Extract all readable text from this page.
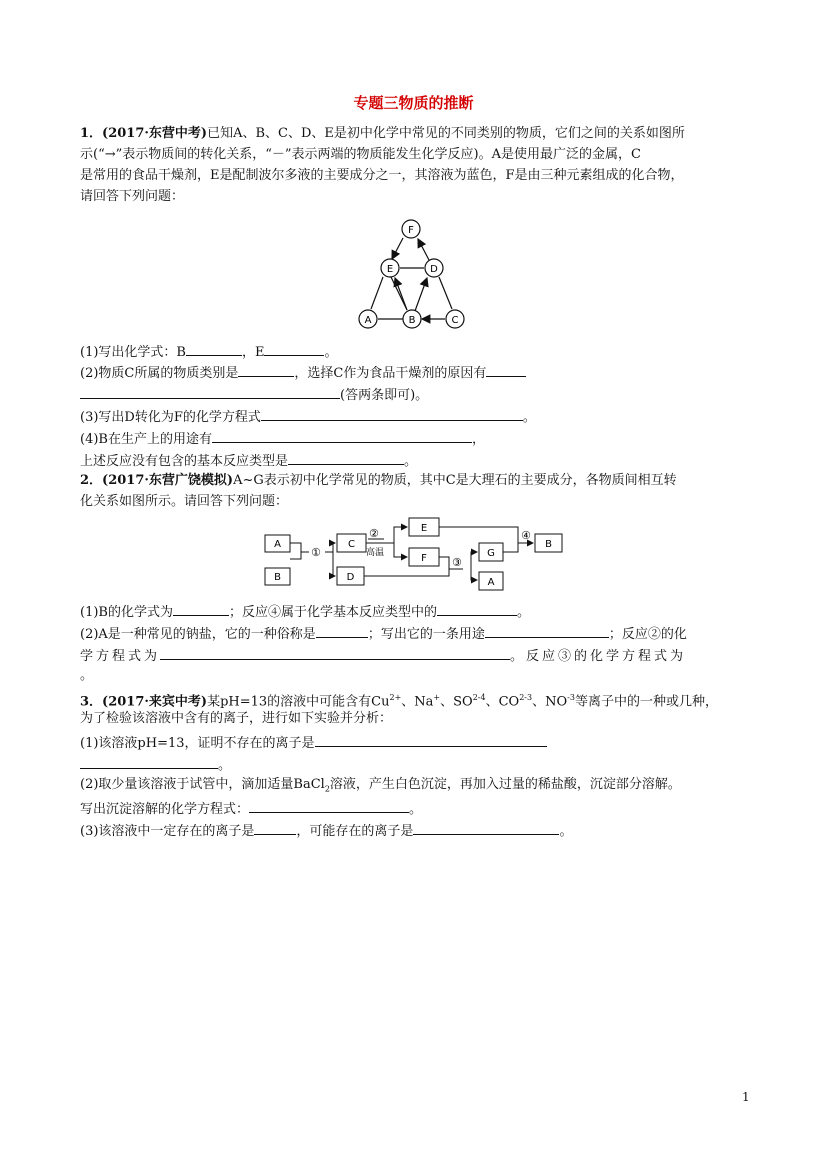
专题三物质的推断
1．(2017·东营中考)已知A、B、C、D、E是初中化学中常见的不同类别的物质，它们之间的关系如图所
示(“→”表示物质间的转化关系，“－”表示两端的物质能发生化学反应)。A是使用最广泛的金属，C
是常用的食品干燥剂，E是配制波尔多液的主要成分之一，其溶液为蓝色，F是由三种元素组成的化合物，
请回答下列问题：
F
E	D
A	B	C
(1)写出化学式：B	，E	。
(2)物质C所属的物质类别是	，选择C作为食品干燥剂的原因有
(答两条即可)。
(3)写出D转化为F的化学方程式	。
(4)B在生产上的用途有	，
上述反应没有包含的基本反应类型是	。
2．(2017·东营广饶模拟)A~G表示初中化学常见的物质，其中C是大理石的主要成分，各物质间相互转
化关系如图所示。请回答下列问题：
A
B
C
D
E
F	G
A
B
①
②
高温
③
④
(1)B的化学式为	；反应④属于化学基本反应类型中的	。
(2)A是一种常见的钠盐，它的一种俗称是	；写出它的一条用途	；反应②的化
学方程式为	。反应③的化学方程式为
。
3．(2017·来宾中考)某pH=13的溶液中可能含有$Cu^{2+}$、Na+、SO$^{2-4}$、CO$^{2-3}$、$NO^{-3}$等离子中的一种或几种，
为了检验该溶液中含有的离子，进行如下实验并分析：
(1)该溶液pH=13，证明不存在的离子是
。
(2)取少量该溶液于试管中，滴加适量BaCl$_2$溶液，产生白色沉淀，再加入过量的稀盐酸，沉淀部分溶解。
写出沉淀溶解的化学方程式：	。
(3)该溶液中一定存在的离子是	，可能存在的离子是	。
1
